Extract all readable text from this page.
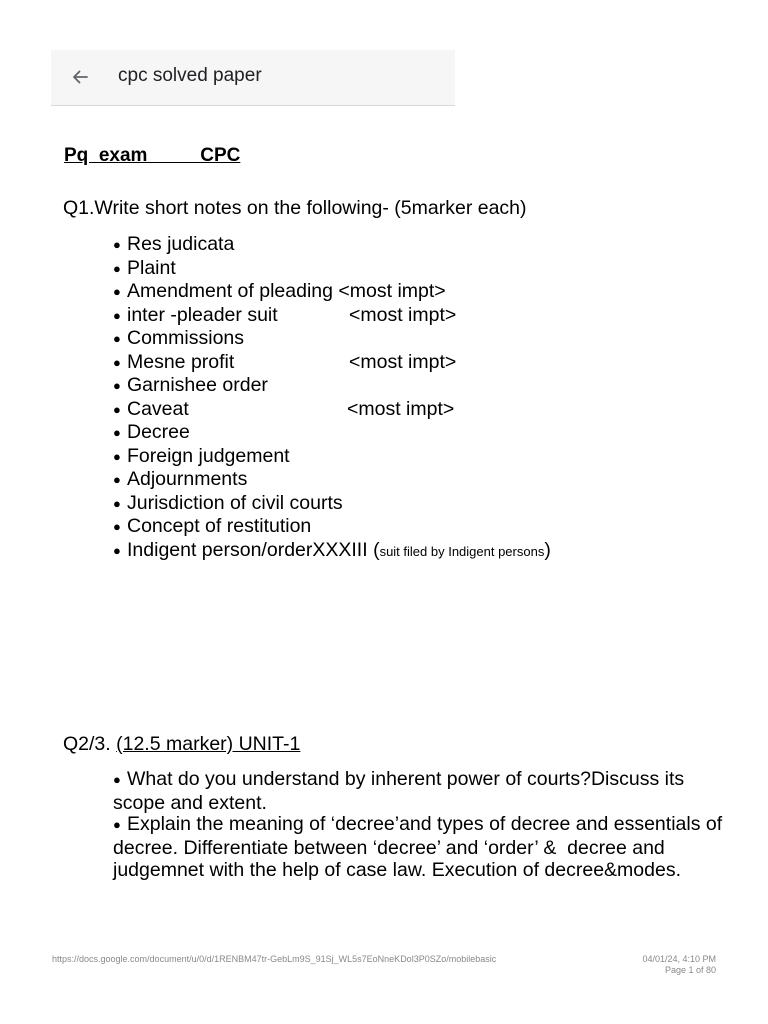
cpc solved paper

Pq  exam          CPC

Q1.Write short notes on the following- (5marker each)

● Res judicata
● Plaint
● Amendment of pleading <most impt>
● inter -pleader suit	<most impt>
● Commissions
● Mesne profit	<most impt>
● Garnishee order
● Caveat	<most impt>
● Decree
● Foreign judgement
● Adjournments
● Jurisdiction of civil courts
● Concept of restitution
● Indigent person/orderXXXIII (suit filed by Indigent persons)

Q2/3. (12.5 marker) UNIT-1

● What do you understand by inherent power of courts?Discuss its scope and extent.

● Explain the meaning of ‘decree’and types of decree and essentials of decree. Differentiate between ‘decree’ and ‘order’ &  decree and judgemnet with the help of case law. Execution of decree&modes.

https://docs.google.com/document/u/0/d/1RENBM47tr-GebLm9S_91Sj_WL5s7EoNneKDol3P0SZo/mobilebasic	04/01/24, 4:10 PM
Page 1 of 80
